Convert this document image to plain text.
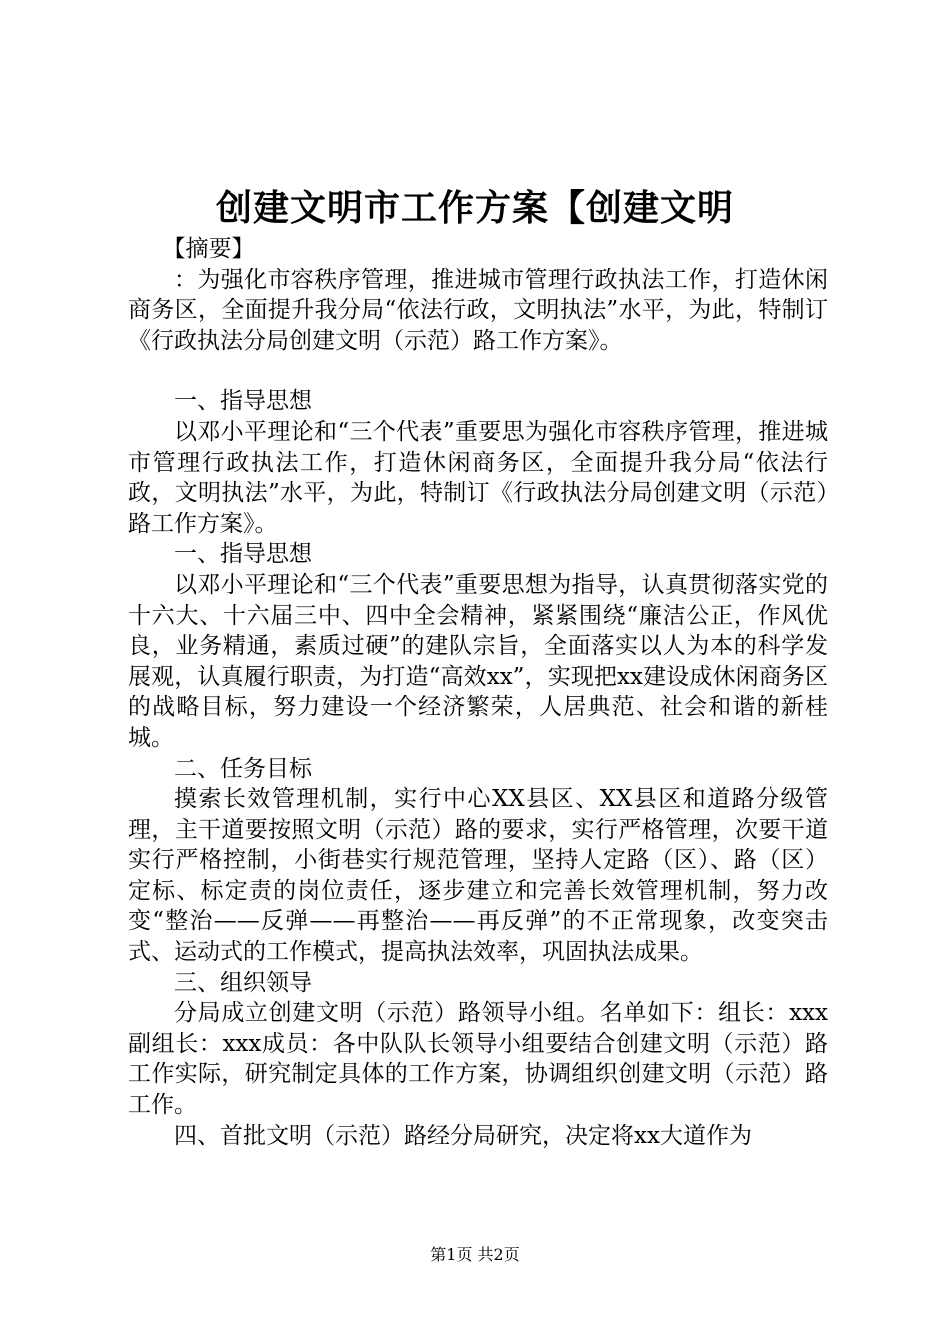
创建文明市工作方案【创建文明

【摘要】

：为强化市容秩序管理，推进城市管理行政执法工作，打造休闲商务区，全面提升我分局“依法行政，文明执法”水平，为此，特制订《行政执法分局创建文明（示范）路工作方案》。

一、指导思想

以邓小平理论和“三个代表”重要思为强化市容秩序管理，推进城市管理行政执法工作，打造休闲商务区，全面提升我分局“依法行政，文明执法”水平，为此，特制订《行政执法分局创建文明（示范）路工作方案》。

一、指导思想

以邓小平理论和“三个代表”重要思想为指导，认真贯彻落实党的十六大、十六届三中、四中全会精神，紧紧围绕“廉洁公正，作风优良，业务精通，素质过硬”的建队宗旨，全面落实以人为本的科学发展观，认真履行职责，为打造“高效xx”，实现把xx建设成休闲商务区的战略目标，努力建设一个经济繁荣，人居典范、社会和谐的新桂城。

二、任务目标

摸索长效管理机制，实行中心XX县区、XX县区和道路分级管理，主干道要按照文明（示范）路的要求，实行严格管理，次要干道实行严格控制，小街巷实行规范管理，坚持人定路（区）、路（区）定标、标定责的岗位责任，逐步建立和完善长效管理机制，努力改变“整治——反弹——再整治——再反弹”的不正常现象，改变突击式、运动式的工作模式，提高执法效率，巩固执法成果。

三、组织领导

分局成立创建文明（示范）路领导小组。名单如下：组长：xxx副组长：xxx成员：各中队队长领导小组要结合创建文明（示范）路工作实际，研究制定具体的工作方案，协调组织创建文明（示范）路工作。

四、首批文明（示范）路经分局研究，决定将xx大道作为

第1页 共2页
